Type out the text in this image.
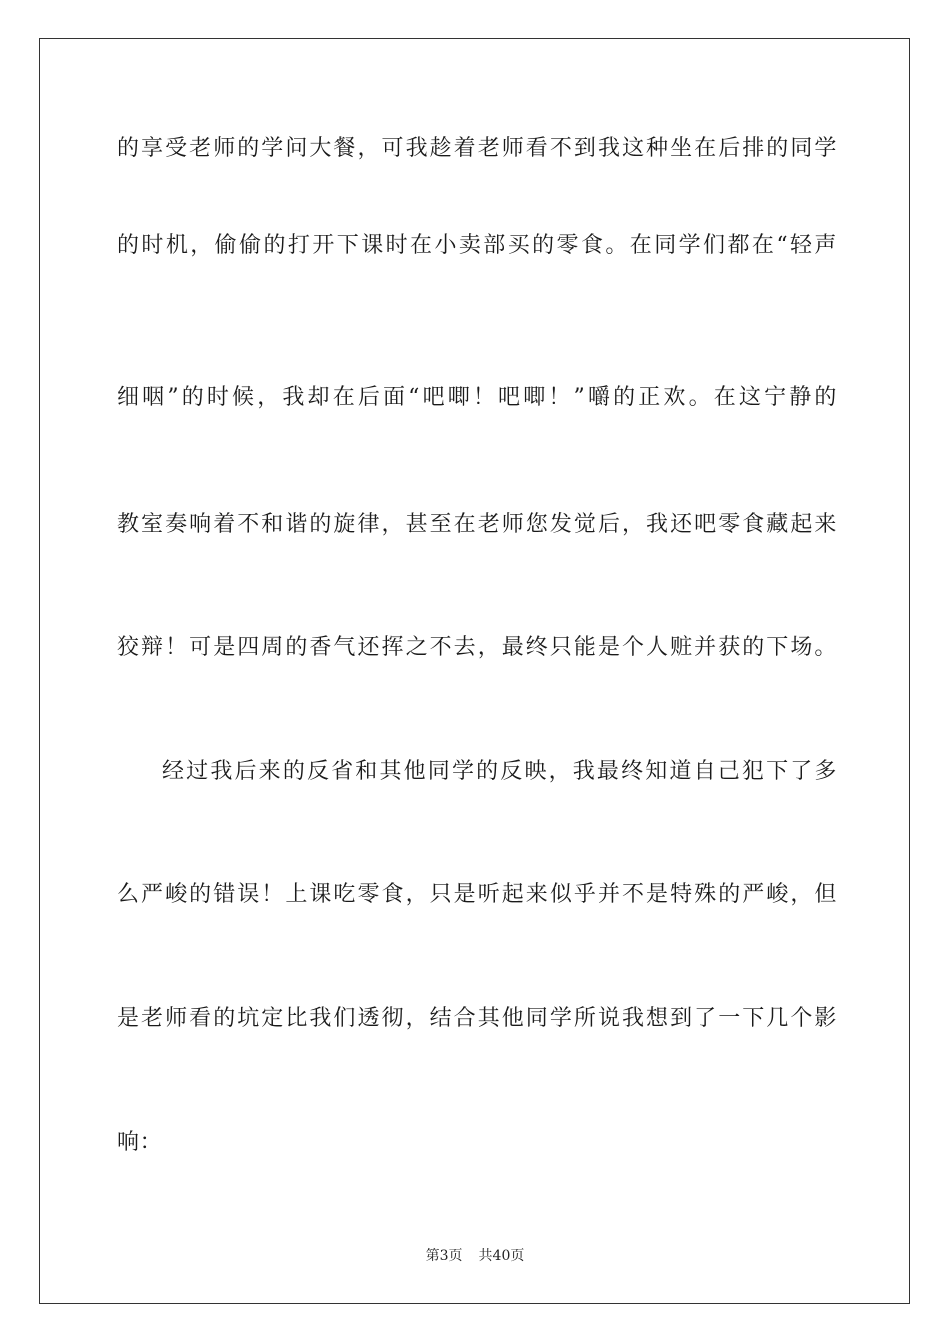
的享受老师的学问大餐，可我趁着老师看不到我这种坐在后排的同学
的时机，偷偷的打开下课时在小卖部买的零食。在同学们都在“轻声
细咽”的时候，我却在后面“吧唧！吧唧！”嚼的正欢。在这宁静的
教室奏响着不和谐的旋律，甚至在老师您发觉后，我还吧零食藏起来
狡辩！可是四周的香气还挥之不去，最终只能是个人赃并获的下场。
经过我后来的反省和其他同学的反映，我最终知道自己犯下了多
么严峻的错误！上课吃零食，只是听起来似乎并不是特殊的严峻，但
是老师看的坑定比我们透彻，结合其他同学所说我想到了一下几个影
响：
第3页 共40页
